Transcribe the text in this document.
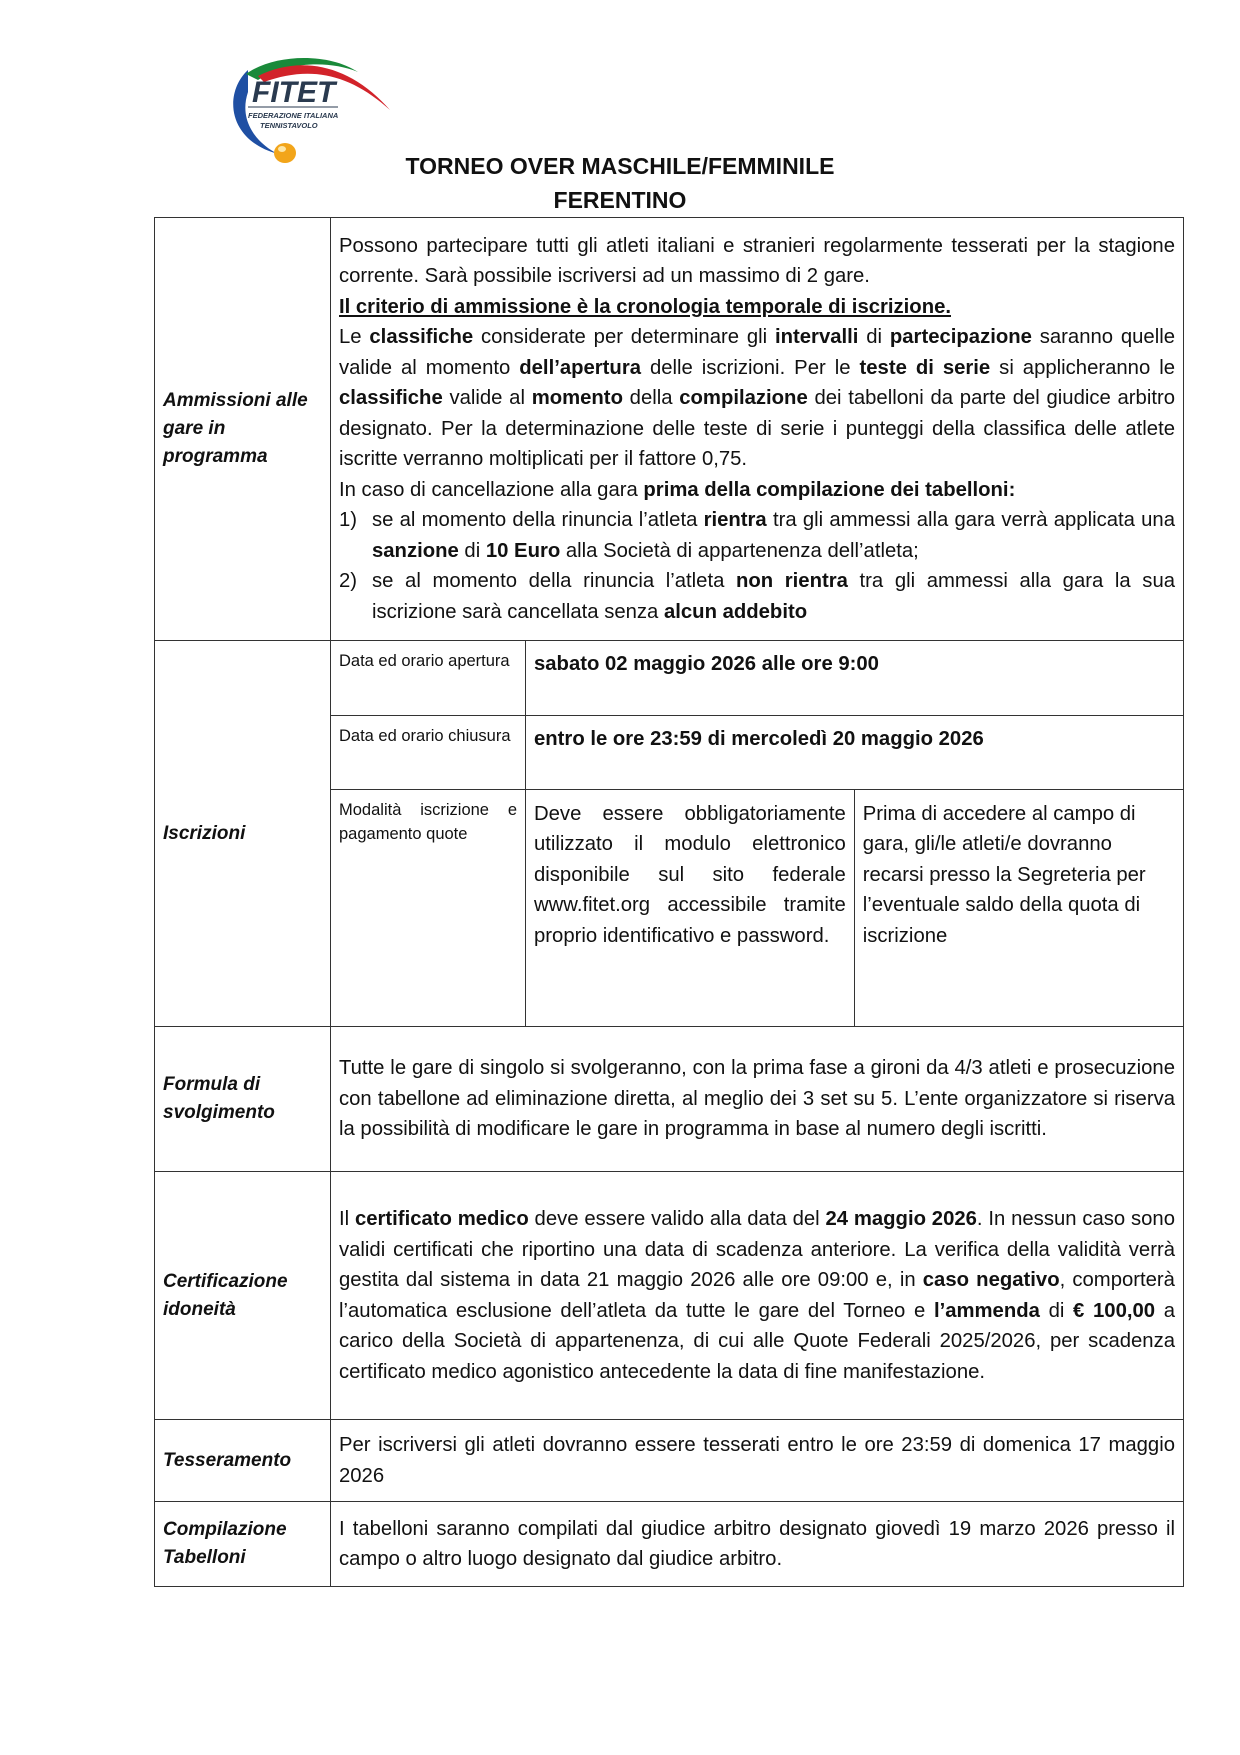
FITET
FEDERAZIONE ITALIANA
TENNISTAVOLO
TORNEO OVER MASCHILE/FEMMINILE
FERENTINO
Ammissioni alle gare in programma	
Possono partecipare tutti gli atleti italiani e stranieri regolarmente tesserati per la stagione corrente. Sarà possibile iscriversi ad un massimo di 2 gare.
Il criterio di ammissione è la cronologia temporale di iscrizione.
Le classifiche considerate per determinare gli intervalli di partecipazione saranno quelle valide al momento dell’apertura delle iscrizioni. Per le teste di serie si applicheranno le classifiche valide al momento della compilazione dei tabelloni da parte del giudice arbitro designato. Per la determinazione delle teste di serie i punteggi della classifica delle atlete iscritte verranno moltiplicati per il fattore 0,75.
In caso di cancellazione alla gara prima della compilazione dei tabelloni:
1) se al momento della rinuncia l’atleta rientra tra gli ammessi alla gara verrà applicata una sanzione di 10 Euro alla Società di appartenenza dell’atleta;
2) se al momento della rinuncia l’atleta non rientra tra gli ammessi alla gara la sua iscrizione sarà cancellata senza alcun addebito

Iscrizioni	
Data ed orario apertura	sabato 02 maggio 2026 alle ore 9:00
Data ed orario chiusura	entro le ore 23:59 di mercoledì 20 maggio 2026
Modalità iscrizione e pagamento quote	Deve essere obbligatoriamente utilizzato il modulo elettronico disponibile sul sito federale www.fitet.org accessibile tramite proprio identificativo e password.	Prima di accedere al campo di gara, gli/le atleti/e dovranno recarsi presso la Segreteria per l’eventuale saldo della quota di iscrizione

Formula di svolgimento	Tutte le gare di singolo si svolgeranno, con la prima fase a gironi da 4/3 atleti e prosecuzione con tabellone ad eliminazione diretta, al meglio dei 3 set su 5. L’ente organizzatore si riserva la possibilità di modificare le gare in programma in base al numero degli iscritti.
Certificazione idoneità	Il certificato medico deve essere valido alla data del 24 maggio 2026. In nessun caso sono validi certificati che riportino una data di scadenza anteriore. La verifica della validità verrà gestita dal sistema in data 21 maggio 2026 alle ore 09:00 e, in caso negativo, comporterà l’automatica esclusione dell’atleta da tutte le gare del Torneo e l’ammenda di € 100,00 a carico della Società di appartenenza, di cui alle Quote Federali 2025/2026, per scadenza certificato medico agonistico antecedente la data di fine manifestazione.
Tesseramento	Per iscriversi gli atleti dovranno essere tesserati entro le ore 23:59 di domenica 17 maggio 2026
Compilazione Tabelloni	I tabelloni saranno compilati dal giudice arbitro designato giovedì 19 marzo 2026 presso il campo o altro luogo designato dal giudice arbitro.
